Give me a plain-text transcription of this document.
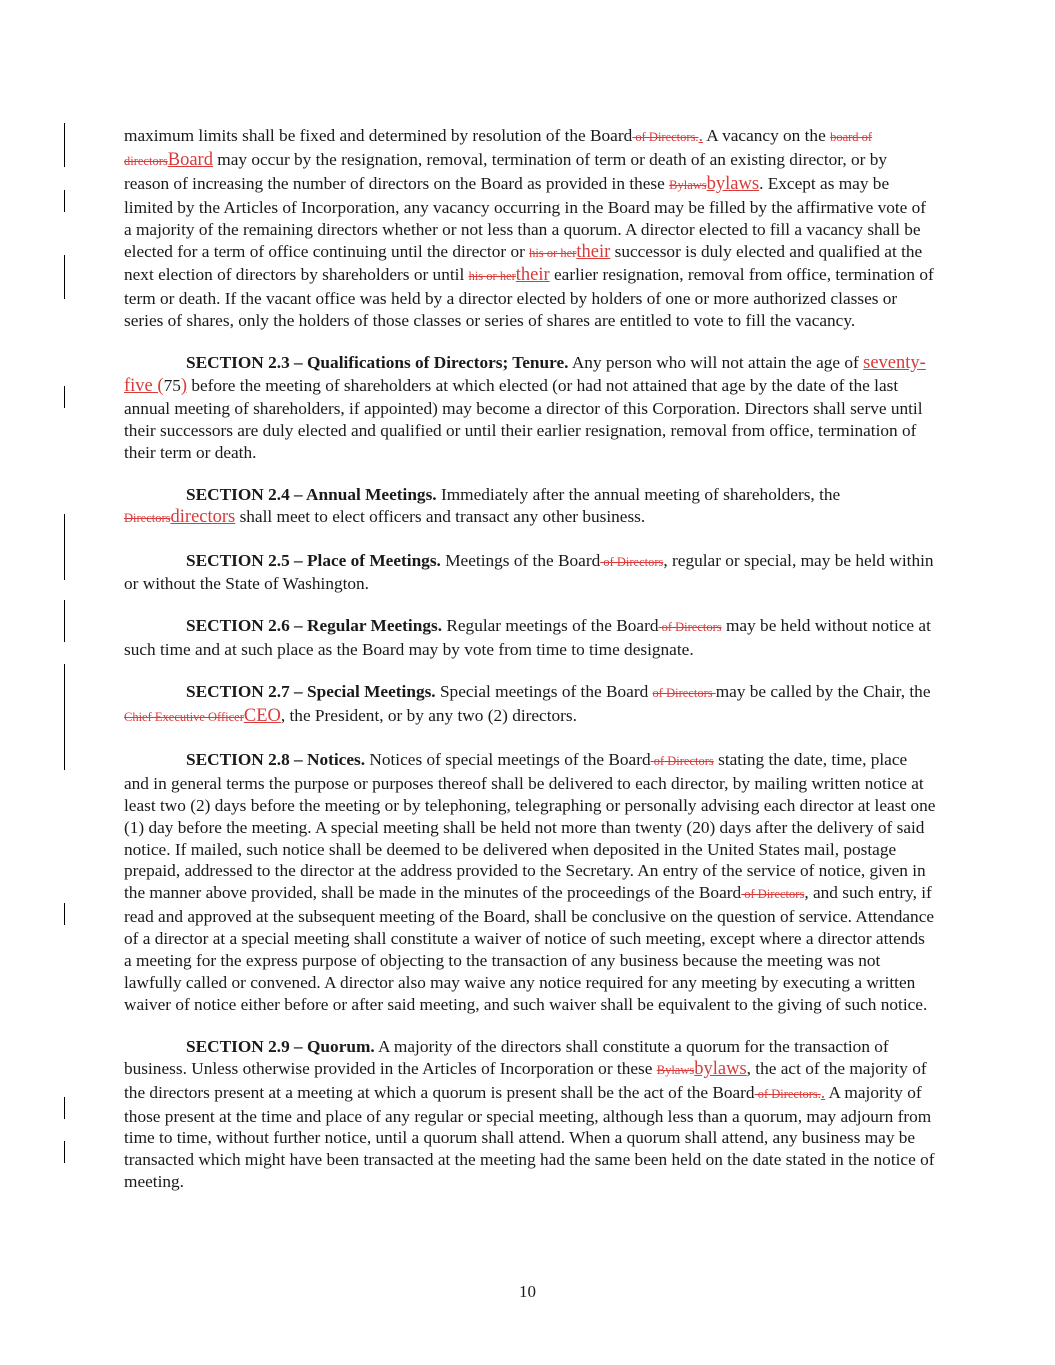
maximum limits shall be fixed and determined by resolution of the Board of Directors.. A vacancy on the board of directorsBoard may occur by the resignation, removal, termination of term or death of an existing director, or by reason of increasing the number of directors on the Board as provided in these Bylawsbylaws. Except as may be limited by the Articles of Incorporation, any vacancy occurring in the Board may be filled by the affirmative vote of a majority of the remaining directors whether or not less than a quorum. A director elected to fill a vacancy shall be elected for a term of office continuing until the director or his or hertheir successor is duly elected and qualified at the next election of directors by shareholders or until his or hertheir earlier resignation, removal from office, termination of term or death. If the vacant office was held by a director elected by holders of one or more authorized classes or series of shares, only the holders of those classes or series of shares are entitled to vote to fill the vacancy.

SECTION 2.3 – Qualifications of Directors; Tenure. Any person who will not attain the age of seventy-five (75) before the meeting of shareholders at which elected (or had not attained that age by the date of the last annual meeting of shareholders, if appointed) may become a director of this Corporation. Directors shall serve until their successors are duly elected and qualified or until their earlier resignation, removal from office, termination of their term or death.

SECTION 2.4 – Annual Meetings. Immediately after the annual meeting of shareholders, the Directorsdirectors shall meet to elect officers and transact any other business.

SECTION 2.5 – Place of Meetings. Meetings of the Board of Directors, regular or special, may be held within or without the State of Washington.

SECTION 2.6 – Regular Meetings. Regular meetings of the Board of Directors may be held without notice at such time and at such place as the Board may by vote from time to time designate.

SECTION 2.7 – Special Meetings. Special meetings of the Board of Directors may be called by the Chair, the Chief Executive OfficerCEO, the President, or by any two (2) directors.

SECTION 2.8 – Notices. Notices of special meetings of the Board of Directors stating the date, time, place and in general terms the purpose or purposes thereof shall be delivered to each director, by mailing written notice at least two (2) days before the meeting or by telephoning, telegraphing or personally advising each director at least one (1) day before the meeting. A special meeting shall be held not more than twenty (20) days after the delivery of said notice. If mailed, such notice shall be deemed to be delivered when deposited in the United States mail, postage prepaid, addressed to the director at the address provided to the Secretary. An entry of the service of notice, given in the manner above provided, shall be made in the minutes of the proceedings of the Board of Directors, and such entry, if read and approved at the subsequent meeting of the Board, shall be conclusive on the question of service. Attendance of a director at a special meeting shall constitute a waiver of notice of such meeting, except where a director attends a meeting for the express purpose of objecting to the transaction of any business because the meeting was not lawfully called or convened. A director also may waive any notice required for any meeting by executing a written waiver of notice either before or after said meeting, and such waiver shall be equivalent to the giving of such notice.

SECTION 2.9 – Quorum. A majority of the directors shall constitute a quorum for the transaction of business. Unless otherwise provided in the Articles of Incorporation or these Bylawsbylaws, the act of the majority of the directors present at a meeting at which a quorum is present shall be the act of the Board of Directors.. A majority of those present at the time and place of any regular or special meeting, although less than a quorum, may adjourn from time to time, without further notice, until a quorum shall attend. When a quorum shall attend, any business may be transacted which might have been transacted at the meeting had the same been held on the date stated in the notice of meeting.

10
